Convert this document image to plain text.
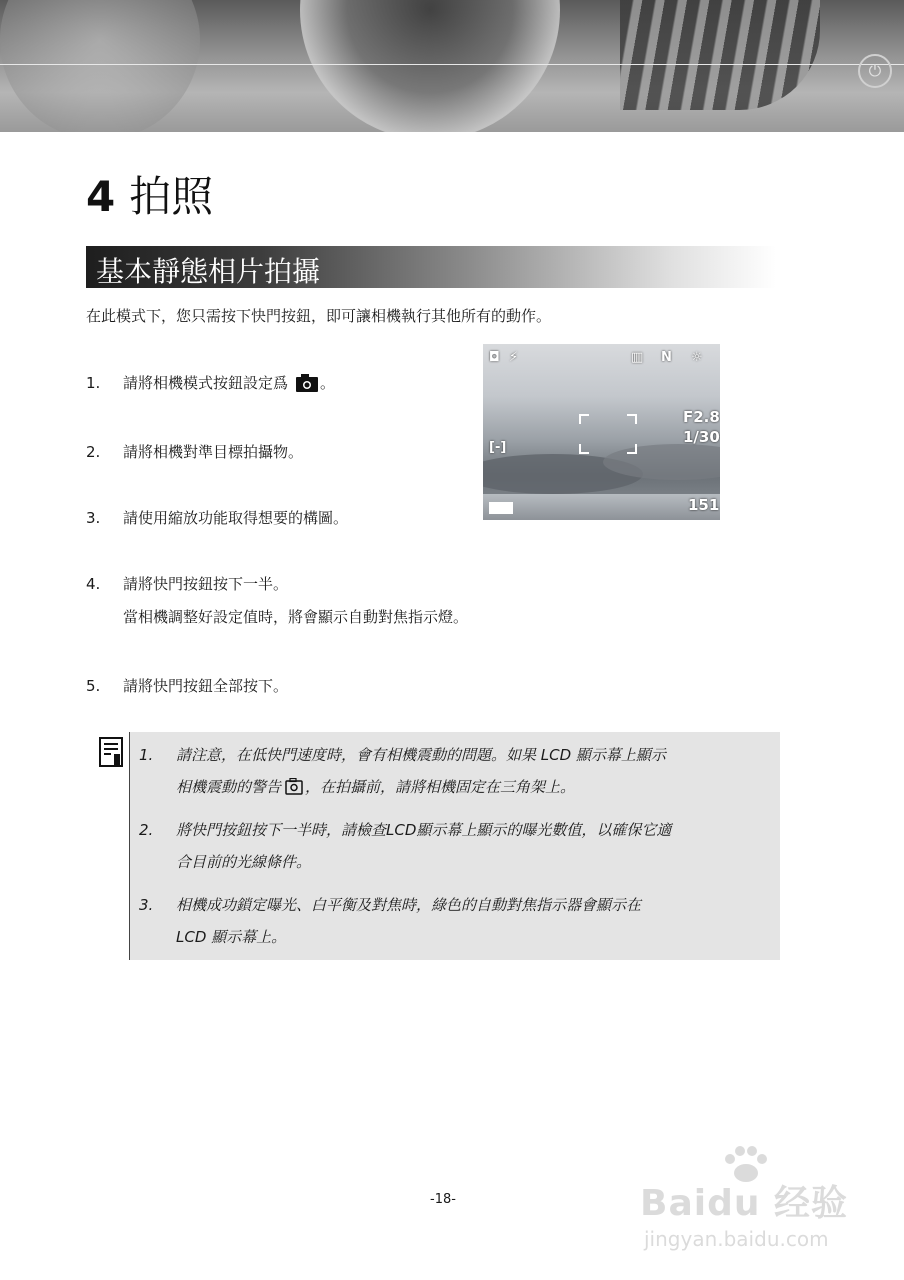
⏻
4 拍照
基本靜態相片拍攝
在此模式下，您只需按下快門按鈕，即可讓相機執行其他所有的動作。
1. 請將相機模式按鈕設定爲 。
2. 請將相機對準目標拍攝物。
3. 請使用縮放功能取得想要的構圖。
4. 請將快門按鈕按下一半。
當相機調整好設定值時，將會顯示自動對焦指示燈。
5. 請將快門按鈕全部按下。
◘ ⚡	▥ N ☼
[-]
F2.8
1/30
151
1. 請注意，在低快門速度時，會有相機震動的問題。如果 LCD 顯示幕上顯示
相機震動的警告 ，在拍攝前，請將相機固定在三角架上。
2. 將快門按鈕按下一半時，請檢查LCD顯示幕上顯示的曝光數值，以確保它適
合目前的光線條件。
3. 相機成功鎖定曝光、白平衡及對焦時，綠色的自動對焦指示器會顯示在
LCD 顯示幕上。
-18-	Baidu 经验
jingyan.baidu.com
